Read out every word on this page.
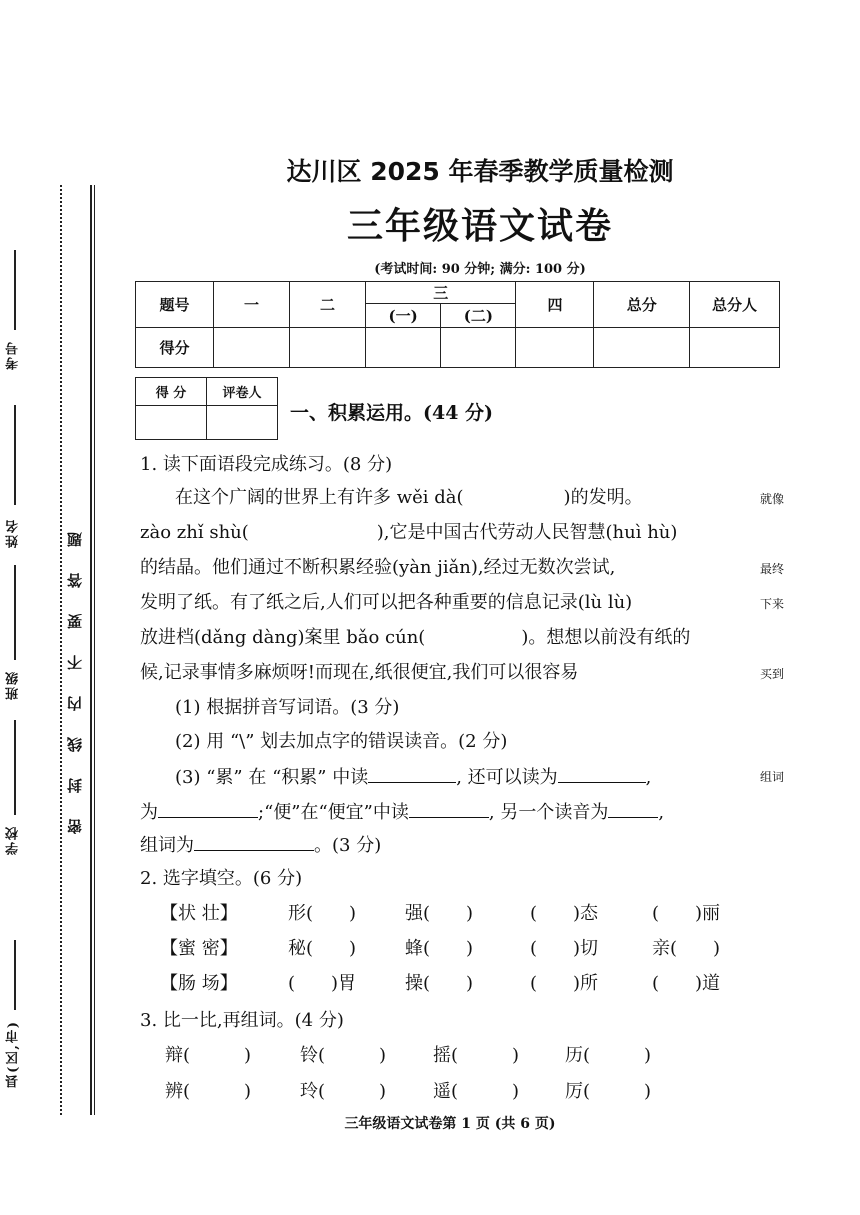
县(区,市)
学校
班级
姓名
考号
密封线内不要答题
达川区 2025 年春季教学质量检测
三年级语文试卷
(考试时间: 90 分钟; 满分: 100 分)
题号	一	二	三		四	总分	总分人
			(一)	(二)			
得分							
得 分	评卷人

一、积累运用。(44 分)
1. 读下面语段完成练习。(8 分)
在这个广阔的世界上有许多 wěi dà(	)的发明。	就像
zào zhǐ shù(	),它是中国古代劳动人民智慧(huì hù)
的结晶。他们通过不断积累经验(yàn jiǎn),经过无数次尝试,	最终
发明了纸。有了纸之后,人们可以把各种重要的信息记录(lù lù)	下来
放进档(dǎng dàng)案里 bǎo cún(	)。想想以前没有纸的
候,记录事情多麻烦呀!而现在,纸很便宜,我们可以很容易	买到
(1) 根据拼音写词语。(3 分)
(2) 用 “\” 划去加点字的错误读音。(2 分)
(3) “累” 在 “积累” 中读	, 还可以读为	,	组词
为	;“便”在“便宜”中读	, 另一个读音为	,
组词为	。(3 分)
2. 选字填空。(6 分)
【状 壮】	形(　　)	强(　　)	(　　)态	(　　)丽
【蜜 密】	秘(　　)	蜂(　　)	(　　)切	亲(　　)
【肠 场】	(　　)胃	操(　　)	(　　)所	(　　)道
3. 比一比,再组词。(4 分)
辩(　　　)	铃(　　　)	摇(　　　)	历(　　　)
辨(　　　)	玲(　　　)	遥(　　　)	厉(　　　)
三年级语文试卷第 1 页 (共 6 页)
